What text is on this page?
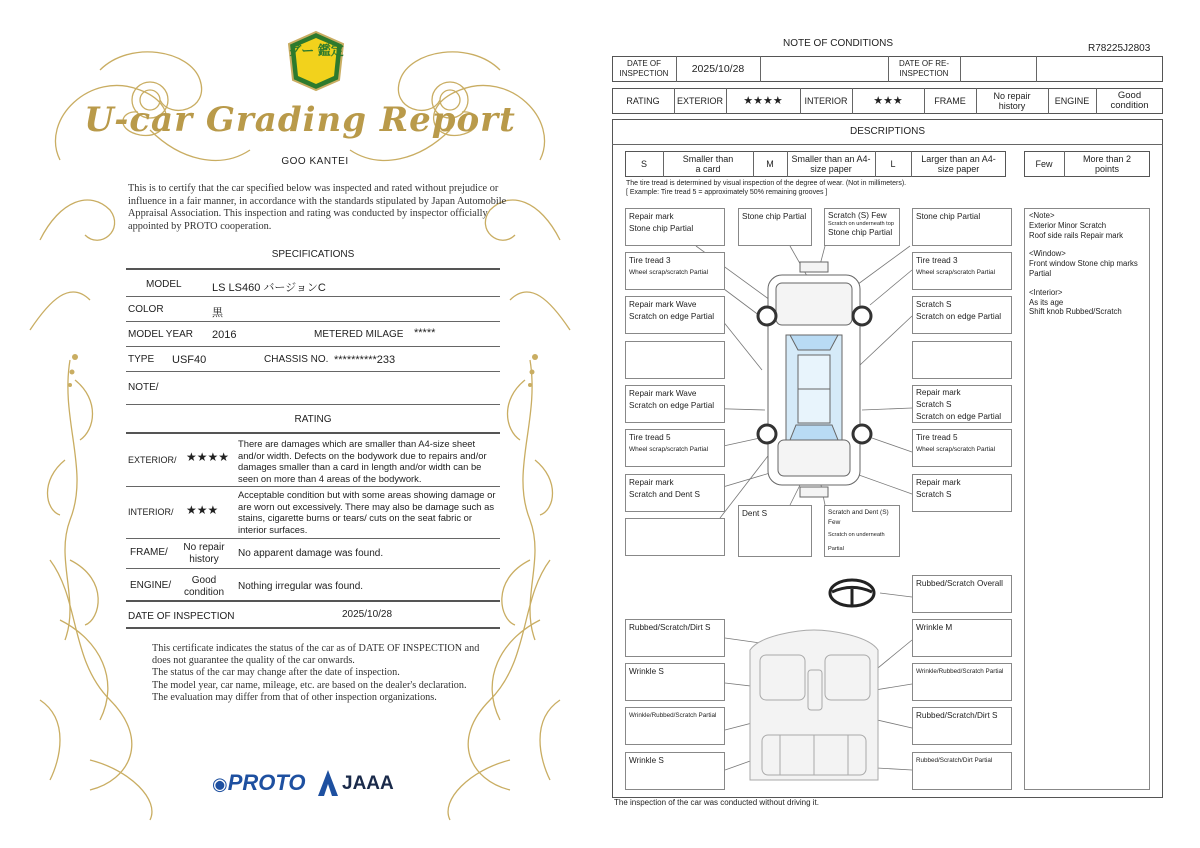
グー 鑑定
U-car Grading Report
GOO KANTEI
This is to certify that the car specified below was inspected and rated without prejudice or influence in a fair manner, in accordance with the standards stipulated by Japan Automobile Appraisal Association. This inspection and rating was conducted by inspector officially appointed by PROTO cooperation.
SPECIFICATIONS
MODEL	LS LS460 バージョンC
COLOR	黒
MODEL YEAR 2016	METERED MILAGE *****
TYPE USF40	CHASSIS NO. **********233
NOTE/
RATING
EXTERIOR/ ★★★★
There are damages which are smaller than A4-size sheet and/or width. Defects on the bodywork due to repairs and/or damages smaller than a card in length and/or width can be seen on more than 4 areas of the bodywork.
INTERIOR/ ★★★
Acceptable condition but with some areas showing damage or are worn out excessively. There may also be damage such as stains, cigarette burns or tears/ cuts on the seat fabric or interior surfaces.
FRAME/	No repair history
No apparent damage was found.
ENGINE/	Good condition
Nothing irregular was found.
DATE OF INSPECTION	2025/10/28
This certificate indicates the status of the car as of DATE OF INSPECTION and does not guarantee the quality of the car onwards.
The status of the car may change after the date of inspection.
The model year, car name, mileage, etc. are based on the dealer's declaration.
The evaluation may differ from that of other inspection organizations.
◉PROTO JAAA
NOTE OF CONDITIONS	R78225J2803
DATE OF INSPECTION	2025/10/28	DATE OF RE-INSPECTION
RATING	EXTERIOR	★★★★	INTERIOR	★★★	FRAME	No repair history	ENGINE	Good condition
DESCRIPTIONS
S	Smaller than a card	M	Smaller than an A4-size paper	L	Larger than an A4-size paper	Few	More than 2 points
The tire tread is determined by visual inspection of the degree of wear. (Not in millimeters).
[ Example: Tire tread 5 = approximately 50% remaining grooves ]
Repair mark
Stone chip Partial
Tire tread 3
Wheel scrap/scratch Partial
Repair mark Wave
Scratch on edge Partial
Repair mark Wave
Scratch on edge Partial
Tire tread 5
Wheel scrap/scratch Partial
Repair mark
Scratch and Dent S
Stone chip Partial	Scratch (S) Few
Scratch on underneath top
Stone chip Partial
Stone chip Partial
Tire tread 3
Wheel scrap/scratch Partial
Scratch S
Scratch on edge Partial
Repair mark
Scratch S
Scratch on edge Partial
Tire tread 5
Wheel scrap/scratch Partial
Repair mark
Scratch S
Dent S	Scratch and Dent (S) Few
Scratch on underneath Partial
Rubbed/Scratch Overall
Rubbed/Scratch/Dirt S
Wrinkle S
Wrinkle/Rubbed/Scratch Partial
Wrinkle S
Wrinkle M
Wrinkle/Rubbed/Scratch Partial
Rubbed/Scratch/Dirt S
Rubbed/Scratch/Dirt Partial
<Note>
Exterior Minor Scratch
Roof side rails Repair mark
<Window>
Front window Stone chip marks Partial
<Interior>
As its age
Shift knob Rubbed/Scratch
The inspection of the car was conducted without driving it.
